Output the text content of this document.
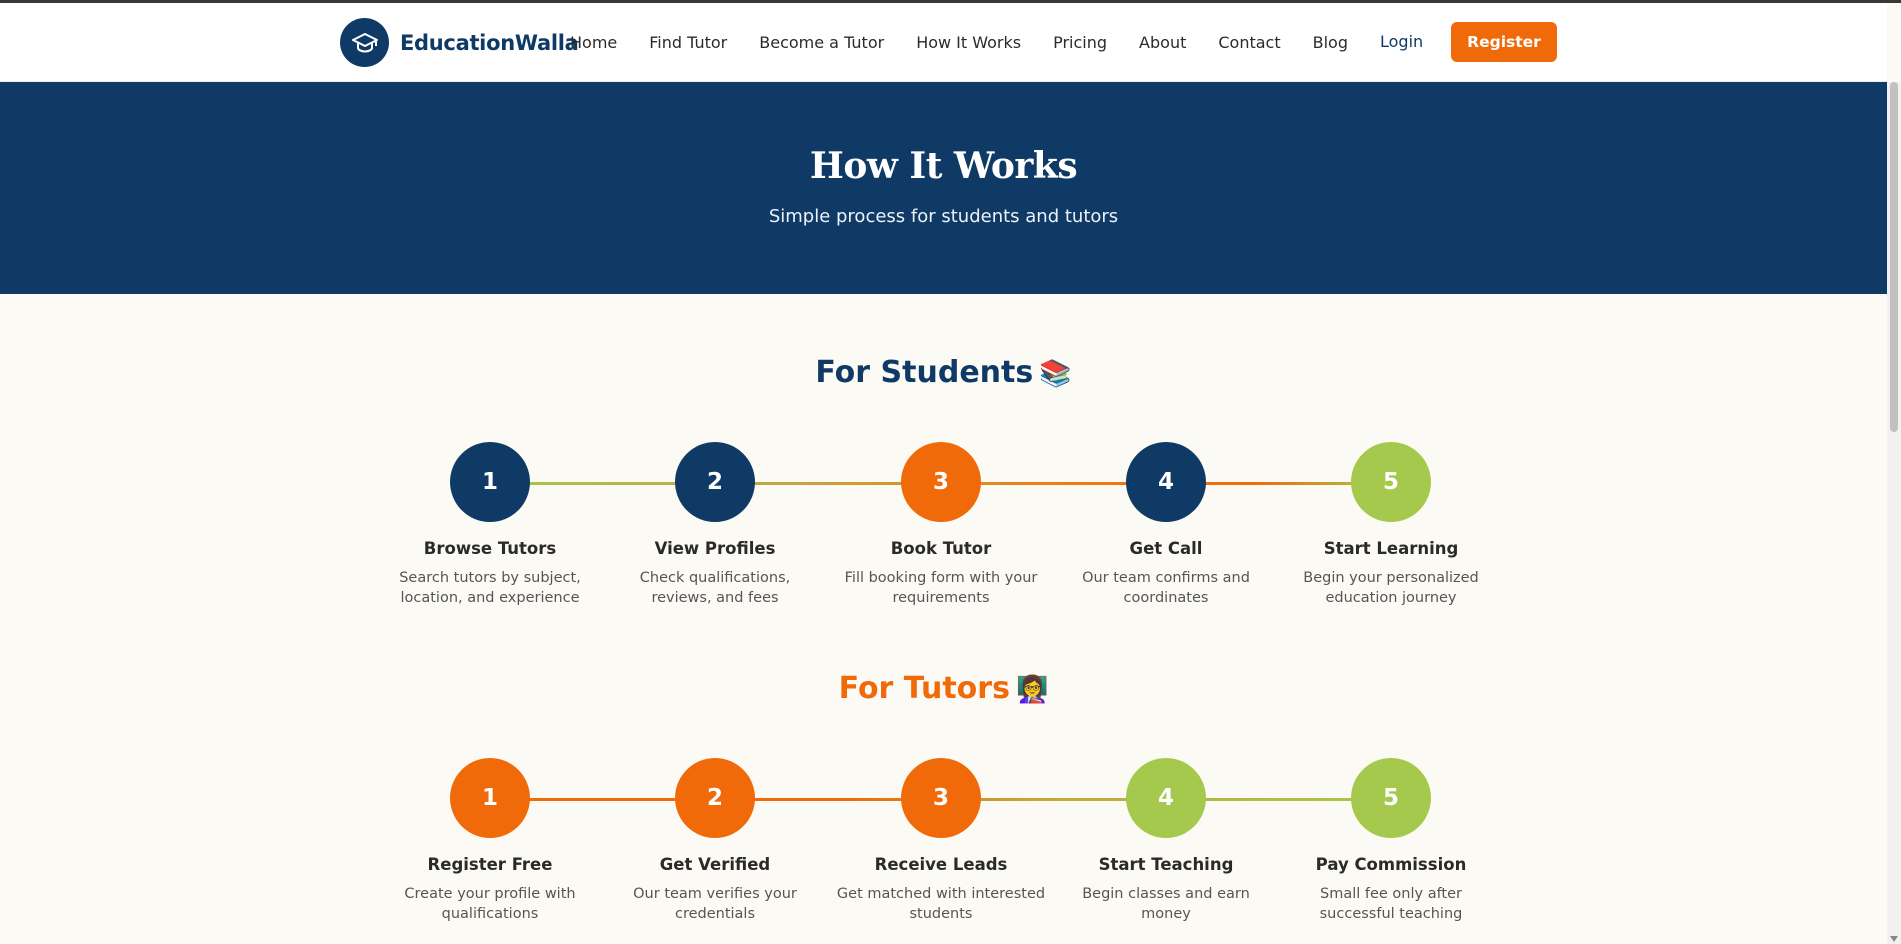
EducationWalla
Home Find Tutor Become a Tutor How It Works Pricing About Contact Blog Login	Register
How It Works

Simple process for students and tutors

For Students 📚
1
Browse Tutors

Search tutors by subject, location, and experience

2
View Profiles

Check qualifications, reviews, and fees

3
Book Tutor

Fill booking form with your requirements

4
Get Call

Our team confirms and coordinates

5
Start Learning

Begin your personalized education journey

For Tutors 👩‍🏫
1
Register Free

Create your profile with qualifications

2
Get Verified

Our team verifies your credentials

3
Receive Leads

Get matched with interested students

4
Start Teaching

Begin classes and earn money

5
Pay Commission

Small fee only after successful teaching
